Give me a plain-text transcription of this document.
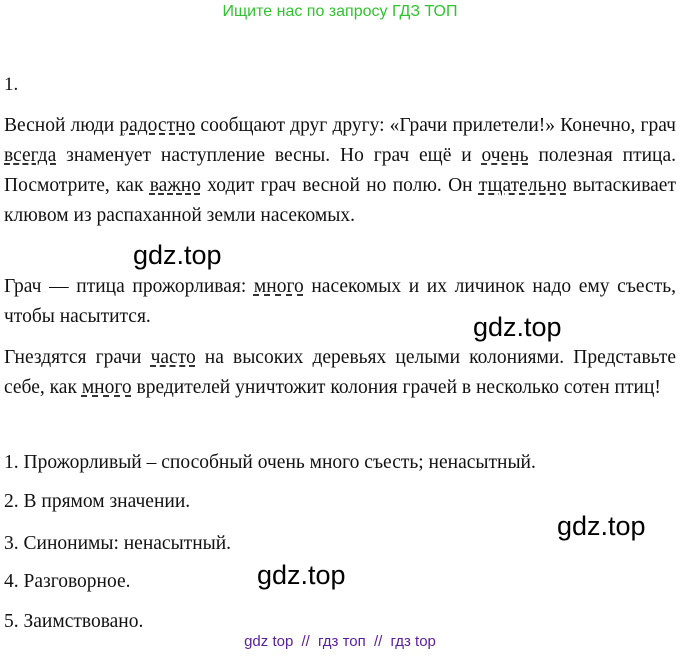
Ищите нас по запросу ГДЗ ТОП
1.

Весной люди радостно сообщают друг другу: «Грачи прилетели!» Конечно, грач всегда знаменует наступление весны. Но грач ещё и очень полезная птица. Посмотрите, как важно ходит грач весной но полю. Он тщательно вытаскивает клювом из распаханной земли насекомых.

Грач — птица прожорливая: много насекомых и их личинок надо ему съесть, чтобы насытится.

Гнездятся грачи часто на высоких деревьях целыми колониями. Представьте себе, как много вредителей уничтожит колония грачей в несколько сотен птиц!

1. Прожорливый – способный очень много съесть; ненасытный.
2. В прямом значении.
3. Синонимы: ненасытный.
4. Разговорное.
5. Заимствовано.
gdz.top
gdz.top
gdz.top
gdz.top
gdz top // гдз топ // гдз top
